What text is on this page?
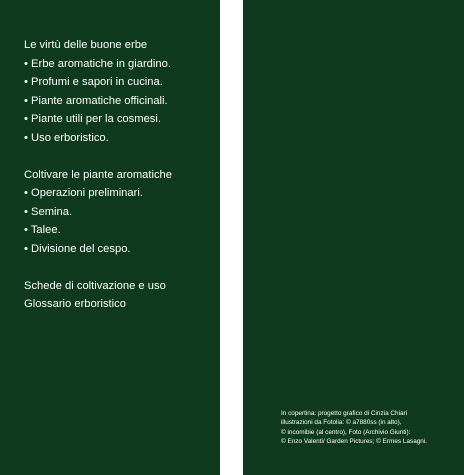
Le virtù delle buone erbe
• Erbe aromatiche in giardino.
• Profumi e sapori in cucina.
• Piante aromatiche officinali.
• Piante utili per la cosmesi.
• Uso erboristico.
Coltivare le piante aromatiche
• Operazioni preliminari.
• Semina.
• Talee.
• Divisione del cespo.
Schede di coltivazione e uso
Glossario erboristico
In copertina: progetto grafico di Cinzia Chiari
illustrazioni da Fotolia: © a7880ss (in alto),
© incomibie (al centro), Foto (Archivio Giunti):
© Enzo Valenti/ Garden Pictures; © Ermes Lasagni.
